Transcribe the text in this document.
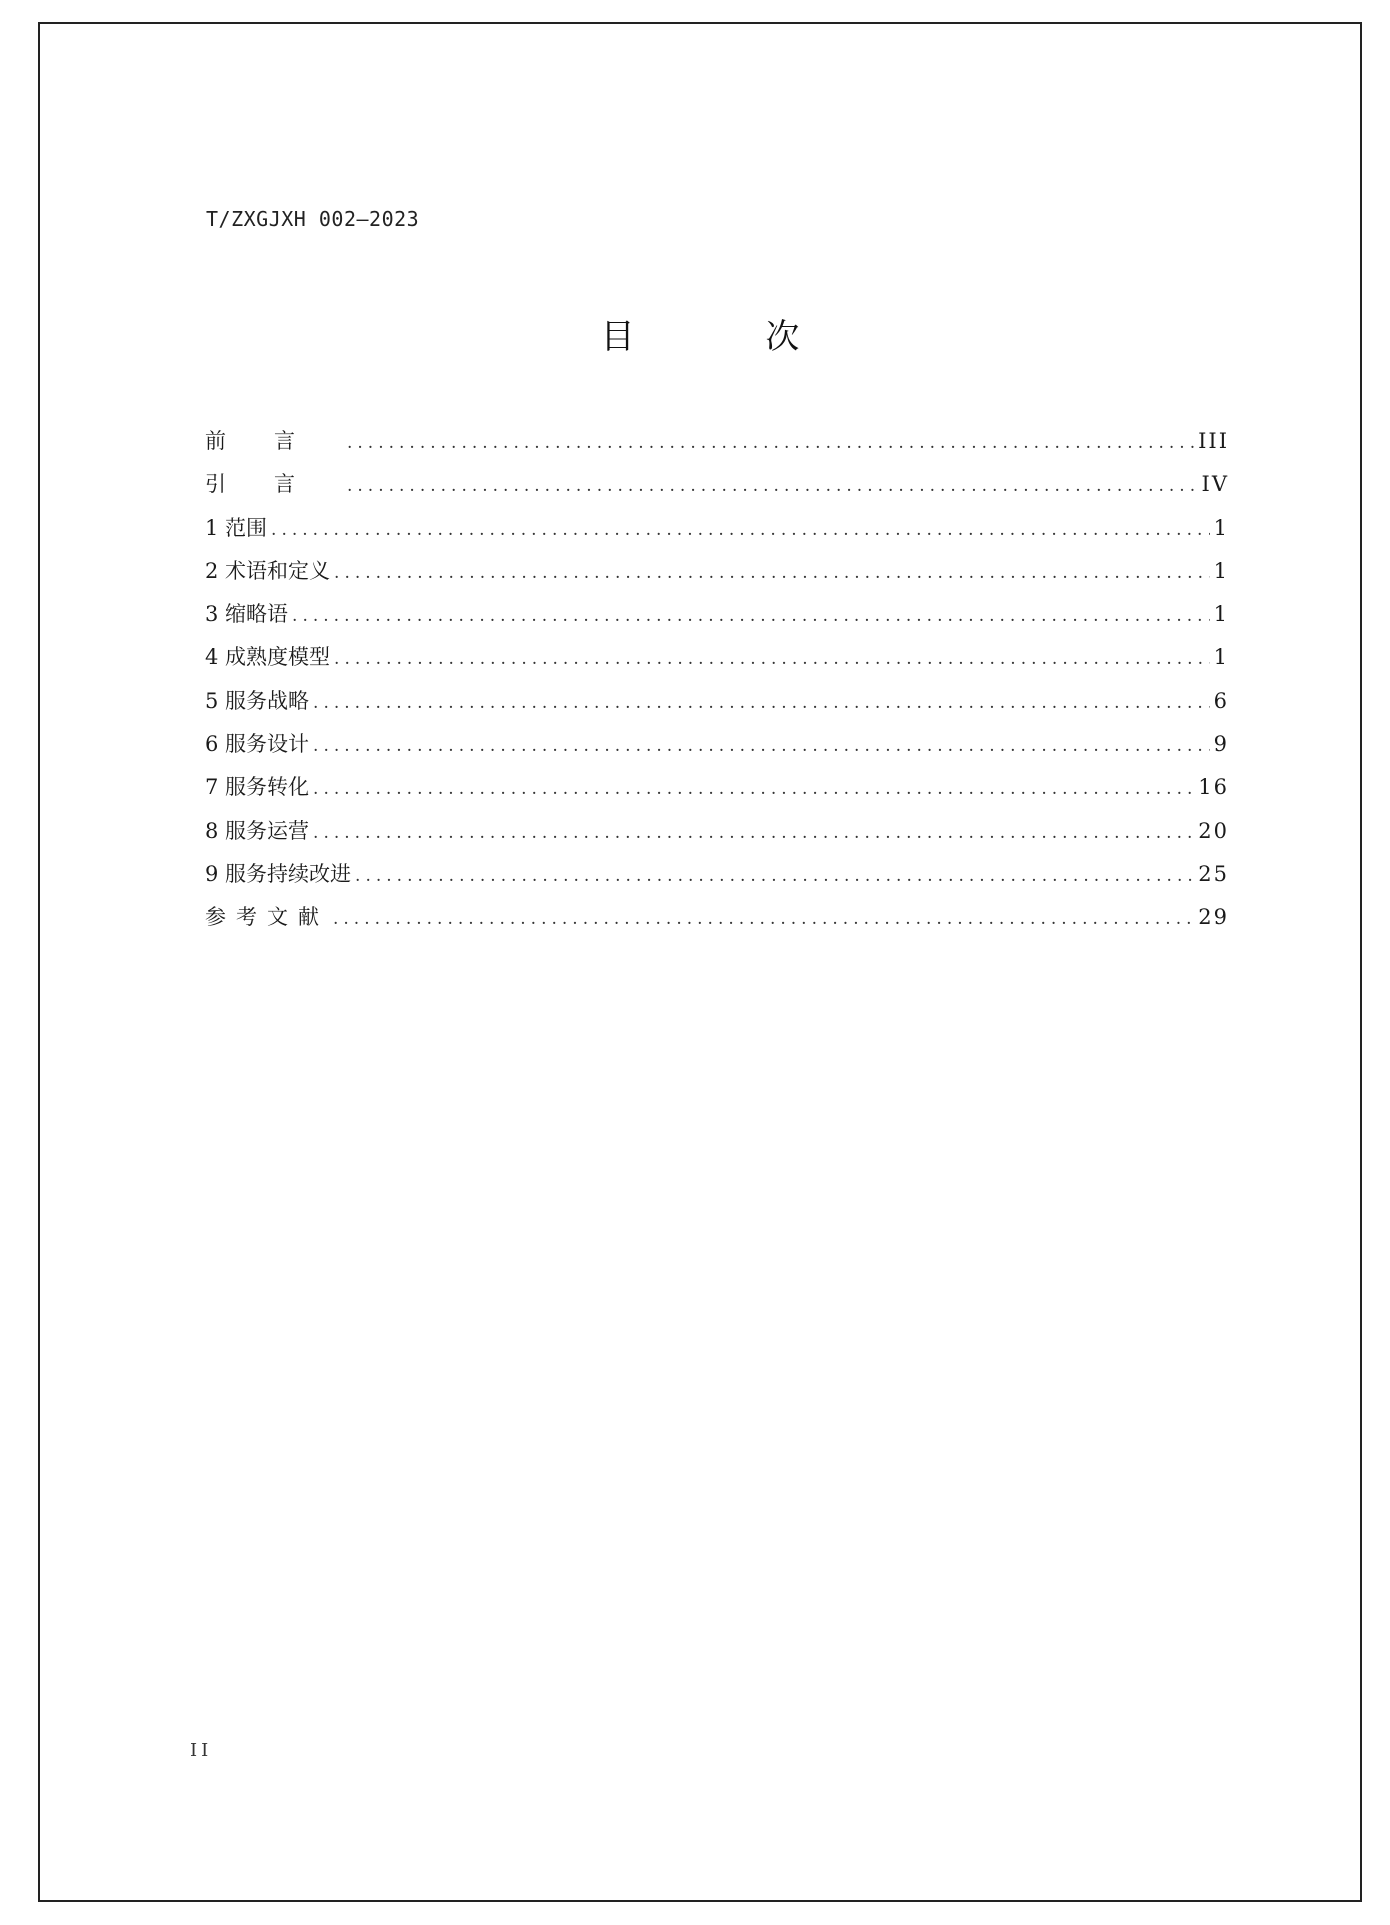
T/ZXGJXH 002—2023
目 次
前言 .....	III
引言 .....	IV
1 范围 .....	1
2 术语和定义 .....	1
3 缩略语 .....	1
4 成熟度模型 .....	1
5 服务战略 .....	6
6 服务设计 .....	9
7 服务转化 .....	16
8 服务运营 .....	20
9 服务持续改进 .....	25
参考文献 .....	29
II
